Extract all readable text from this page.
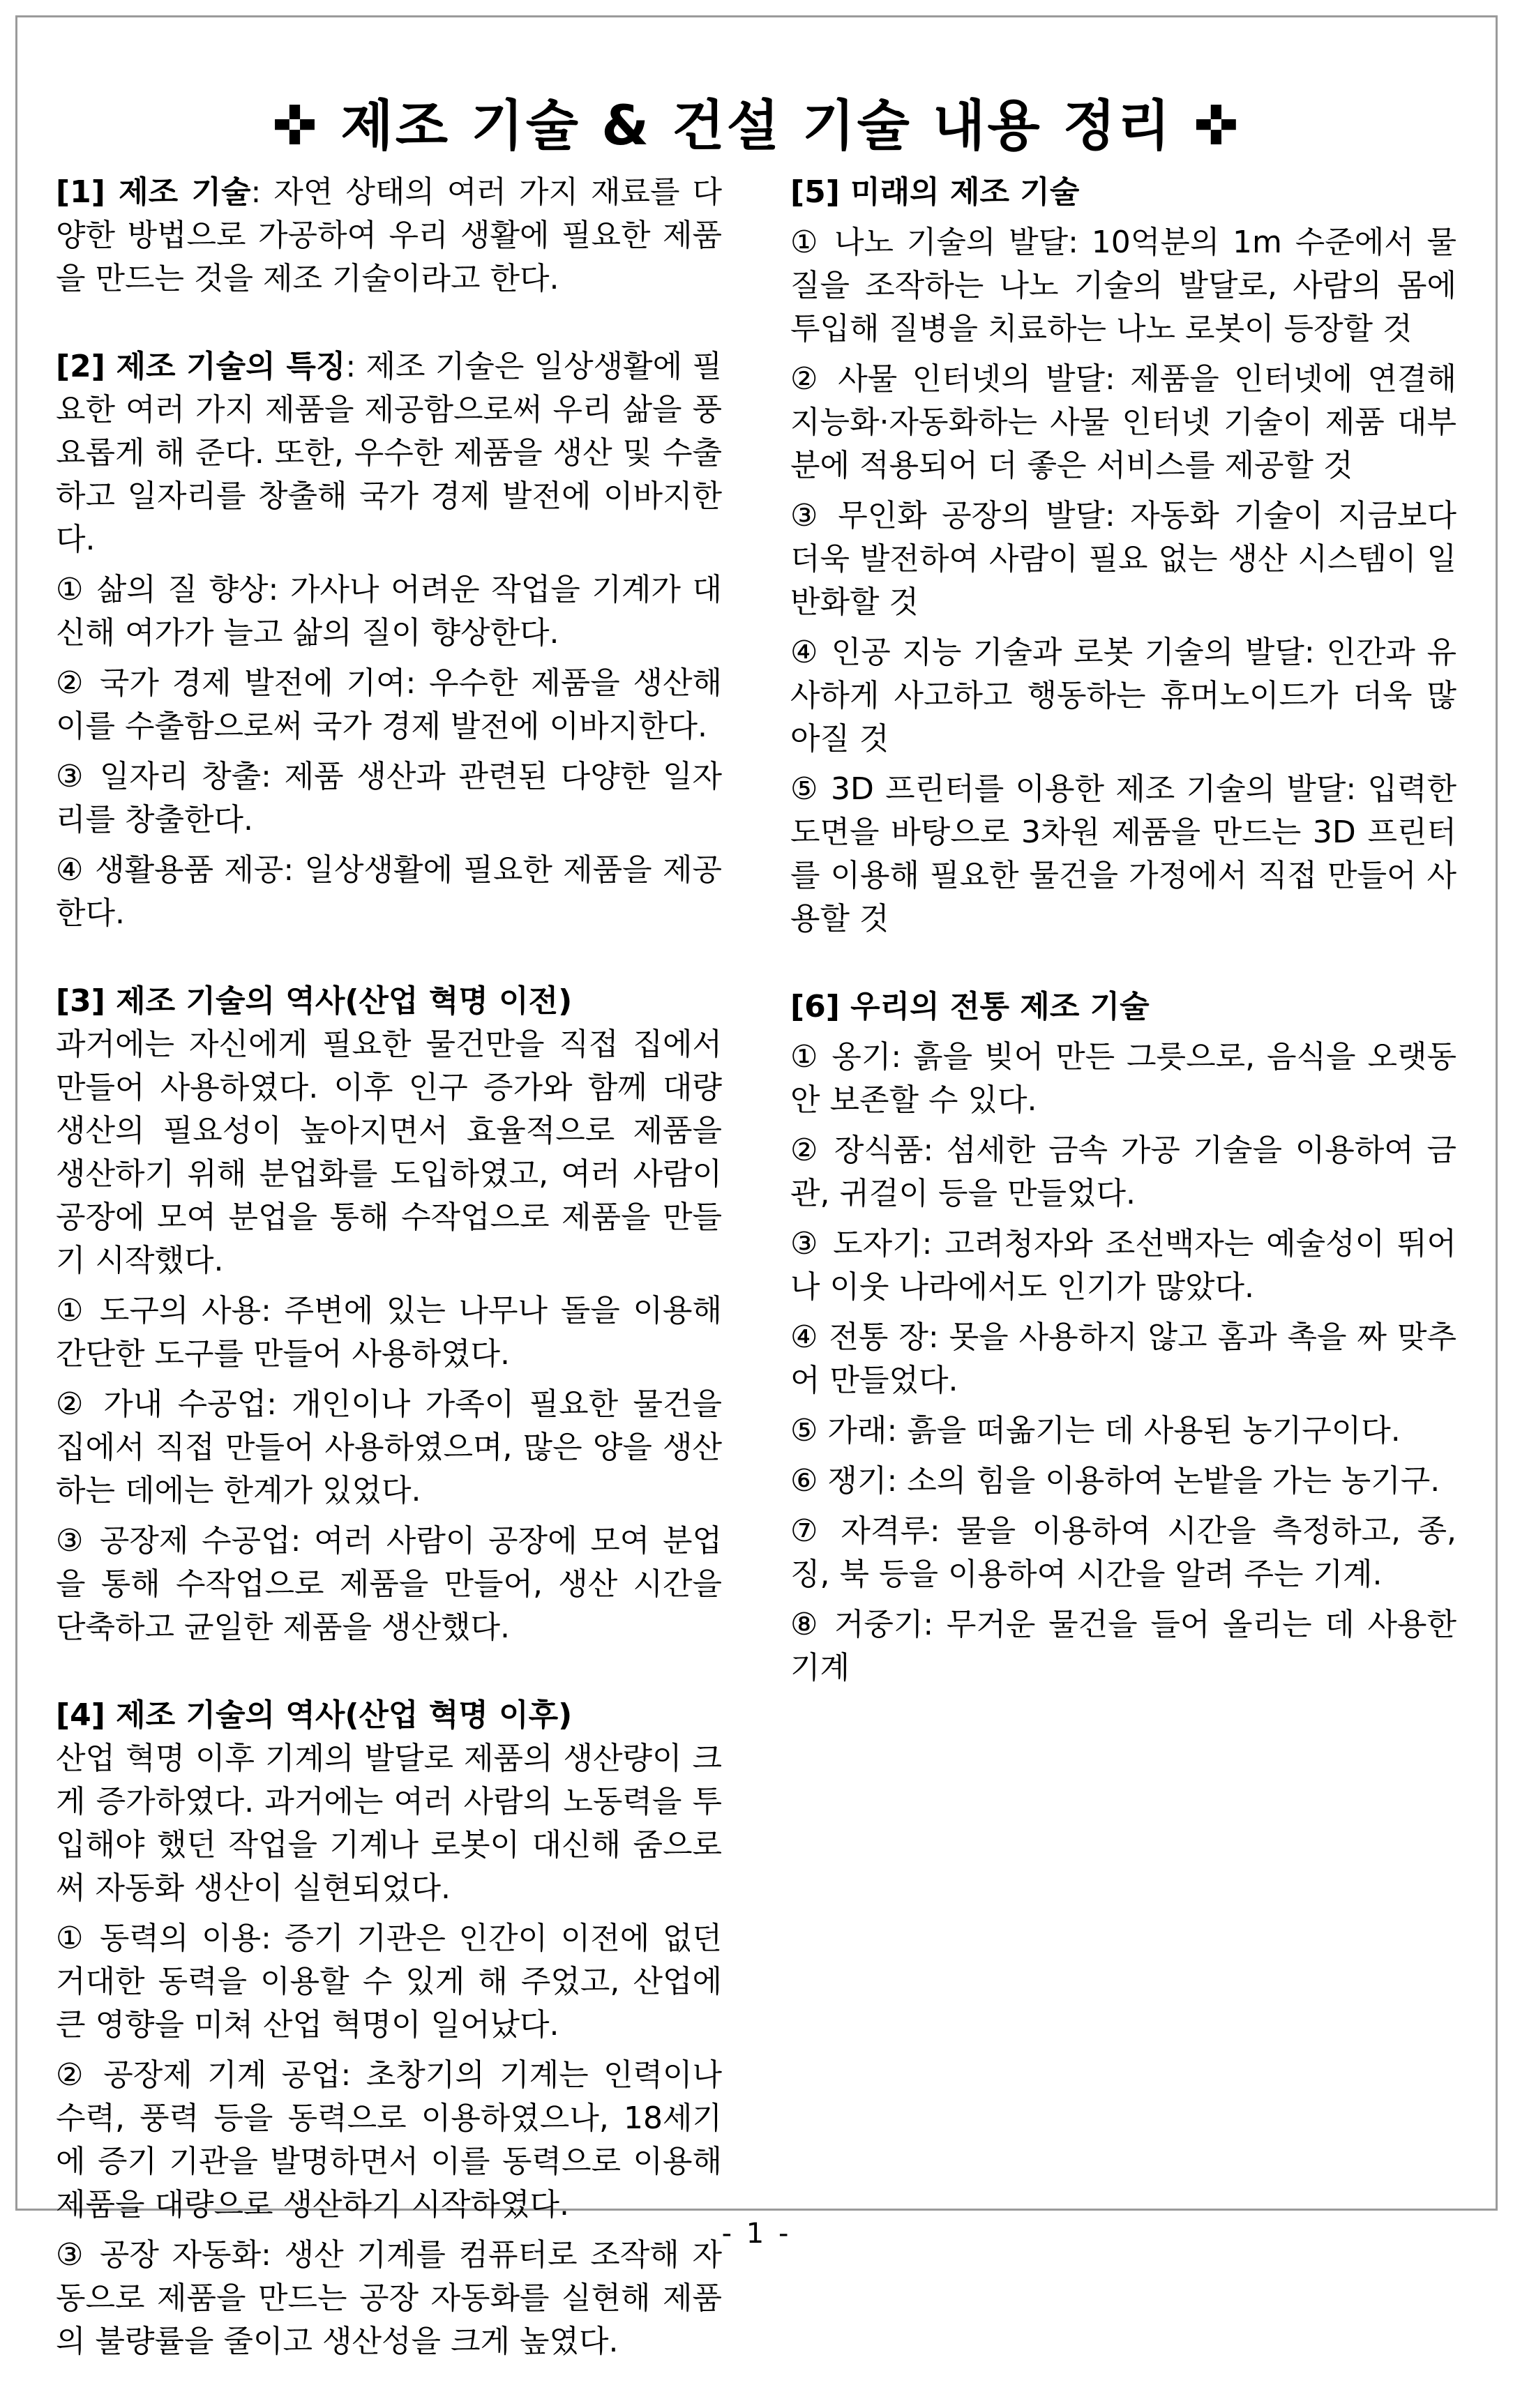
✜ 제조 기술 & 건설 기술 내용 정리 ✜

[1] 제조 기술: 자연 상태의 여러 가지 재료를 다양한 방법으로 가공하여 우리 생활에 필요한 제품을 만드는 것을 제조 기술이라고 한다.

[2] 제조 기술의 특징: 제조 기술은 일상생활에 필요한 여러 가지 제품을 제공함으로써 우리 삶을 풍요롭게 해 준다. 또한, 우수한 제품을 생산 및 수출하고 일자리를 창출해 국가 경제 발전에 이바지한다.

① 삶의 질 향상: 가사나 어려운 작업을 기계가 대신해 여가가 늘고 삶의 질이 향상한다.

② 국가 경제 발전에 기여: 우수한 제품을 생산해 이를 수출함으로써 국가 경제 발전에 이바지한다.

③ 일자리 창출: 제품 생산과 관련된 다양한 일자리를 창출한다.

④ 생활용품 제공: 일상생활에 필요한 제품을 제공한다.

[3] 제조 기술의 역사(산업 혁명 이전)

과거에는 자신에게 필요한 물건만을 직접 집에서 만들어 사용하였다. 이후 인구 증가와 함께 대량 생산의 필요성이 높아지면서 효율적으로 제품을 생산하기 위해 분업화를 도입하였고, 여러 사람이 공장에 모여 분업을 통해 수작업으로 제품을 만들기 시작했다.

① 도구의 사용: 주변에 있는 나무나 돌을 이용해 간단한 도구를 만들어 사용하였다.

② 가내 수공업: 개인이나 가족이 필요한 물건을 집에서 직접 만들어 사용하였으며, 많은 양을 생산하는 데에는 한계가 있었다.

③ 공장제 수공업: 여러 사람이 공장에 모여 분업을 통해 수작업으로 제품을 만들어, 생산 시간을 단축하고 균일한 제품을 생산했다.

[4] 제조 기술의 역사(산업 혁명 이후)

산업 혁명 이후 기계의 발달로 제품의 생산량이 크게 증가하였다. 과거에는 여러 사람의 노동력을 투입해야 했던 작업을 기계나 로봇이 대신해 줌으로써 자동화 생산이 실현되었다.

① 동력의 이용: 증기 기관은 인간이 이전에 없던 거대한 동력을 이용할 수 있게 해 주었고, 산업에 큰 영향을 미쳐 산업 혁명이 일어났다.

② 공장제 기계 공업: 초창기의 기계는 인력이나 수력, 풍력 등을 동력으로 이용하였으나, 18세기에 증기 기관을 발명하면서 이를 동력으로 이용해 제품을 대량으로 생산하기 시작하였다.

③ 공장 자동화: 생산 기계를 컴퓨터로 조작해 자동으로 제품을 만드는 공장 자동화를 실현해 제품의 불량률을 줄이고 생산성을 크게 높였다.

[5] 미래의 제조 기술

① 나노 기술의 발달: 10억분의 1m 수준에서 물질을 조작하는 나노 기술의 발달로, 사람의 몸에 투입해 질병을 치료하는 나노 로봇이 등장할 것

② 사물 인터넷의 발달: 제품을 인터넷에 연결해 지능화·자동화하는 사물 인터넷 기술이 제품 대부분에 적용되어 더 좋은 서비스를 제공할 것

③ 무인화 공장의 발달: 자동화 기술이 지금보다 더욱 발전하여 사람이 필요 없는 생산 시스템이 일반화할 것

④ 인공 지능 기술과 로봇 기술의 발달: 인간과 유사하게 사고하고 행동하는 휴머노이드가 더욱 많아질 것

⑤ 3D 프린터를 이용한 제조 기술의 발달: 입력한 도면을 바탕으로 3차원 제품을 만드는 3D 프린터를 이용해 필요한 물건을 가정에서 직접 만들어 사용할 것

[6] 우리의 전통 제조 기술

① 옹기: 흙을 빚어 만든 그릇으로, 음식을 오랫동안 보존할 수 있다.

② 장식품: 섬세한 금속 가공 기술을 이용하여 금관, 귀걸이 등을 만들었다.

③ 도자기: 고려청자와 조선백자는 예술성이 뛰어나 이웃 나라에서도 인기가 많았다.

④ 전통 장: 못을 사용하지 않고 홈과 촉을 짜 맞추어 만들었다.

⑤ 가래: 흙을 떠옮기는 데 사용된 농기구이다.

⑥ 쟁기: 소의 힘을 이용하여 논밭을 가는 농기구.

⑦ 자격루: 물을 이용하여 시간을 측정하고, 종, 징, 북 등을 이용하여 시간을 알려 주는 기계.

⑧ 거중기: 무거운 물건을 들어 올리는 데 사용한 기계

- 1 -
